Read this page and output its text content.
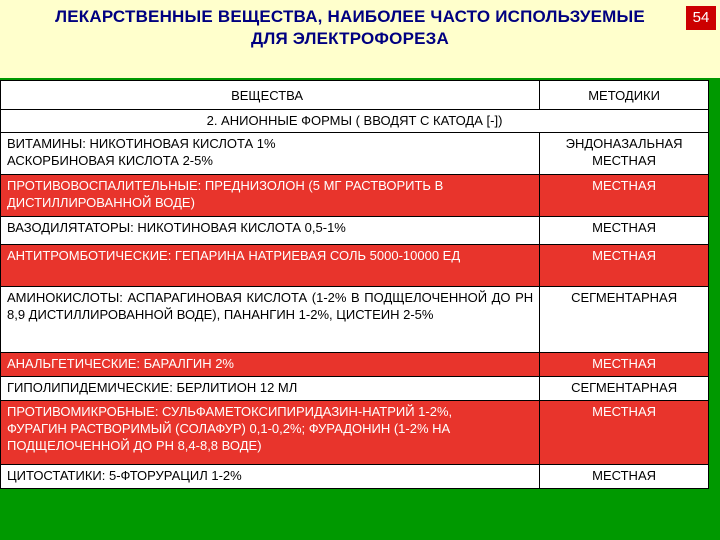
ЛЕКАРСТВЕННЫЕ ВЕЩЕСТВА, НАИБОЛЕЕ ЧАСТО ИСПОЛЬЗУЕМЫЕ
ДЛЯ ЭЛЕКТРОФОРЕЗА
54
ВЕЩЕСТВА	МЕТОДИКИ
2. АНИОННЫЕ ФОРМЫ ( ВВОДЯТ С КАТОДА [-])	

ВИТАМИНЫ: НИКОТИНОВАЯ КИСЛОТА 1% АСКОРБИНОВАЯ КИСЛОТА 2-5%	ЭНДОНАЗАЛЬНАЯ МЕСТНАЯ

ПРОТИВОВОСПАЛИТЕЛЬНЫЕ: ПРЕДНИЗОЛОН (5 МГ РАСТВОРИТЬ В ДИСТИЛЛИРОВАННОЙ ВОДЕ)	МЕСТНАЯ
ВАЗОДИЛЯТАТОРЫ: НИКОТИНОВАЯ КИСЛОТА 0,5-1%	МЕСТНАЯ
АНТИТРОМБОТИЧЕСКИЕ: ГЕПАРИНА НАТРИЕВАЯ СОЛЬ 5000-10000 ЕД	МЕСТНАЯ
АМИНОКИСЛОТЫ: АСПАРАГИНОВАЯ КИСЛОТА (1-2% В ПОДЩЕЛОЧЕННОЙ ДО РН 8,9 ДИСТИЛЛИРОВАННОЙ ВОДЕ), ПАНАНГИН 1-2%, ЦИСТЕИН 2-5%	СЕГМЕНТАРНАЯ
АНАЛЬГЕТИЧЕСКИЕ: БАРАЛГИН 2%	МЕСТНАЯ
ГИПОЛИПИДЕМИЧЕСКИЕ: БЕРЛИТИОН 12 МЛ	СЕГМЕНТАРНАЯ

ПРОТИВОМИКРОБНЫЕ: СУЛЬФАМЕТОКСИПИРИДАЗИН-НАТРИЙ 1-2%, ФУРАГИН РАСТВОРИМЫЙ (СОЛАФУР) 0,1-0,2%; ФУРАДОНИН (1-2% НА ПОДЩЕЛОЧЕННОЙ ДО РН 8,4-8,8 ВОДЕ)	МЕСТНАЯ
ЦИТОСТАТИКИ: 5-ФТОРУРАЦИЛ 1-2%	МЕСТНАЯ
